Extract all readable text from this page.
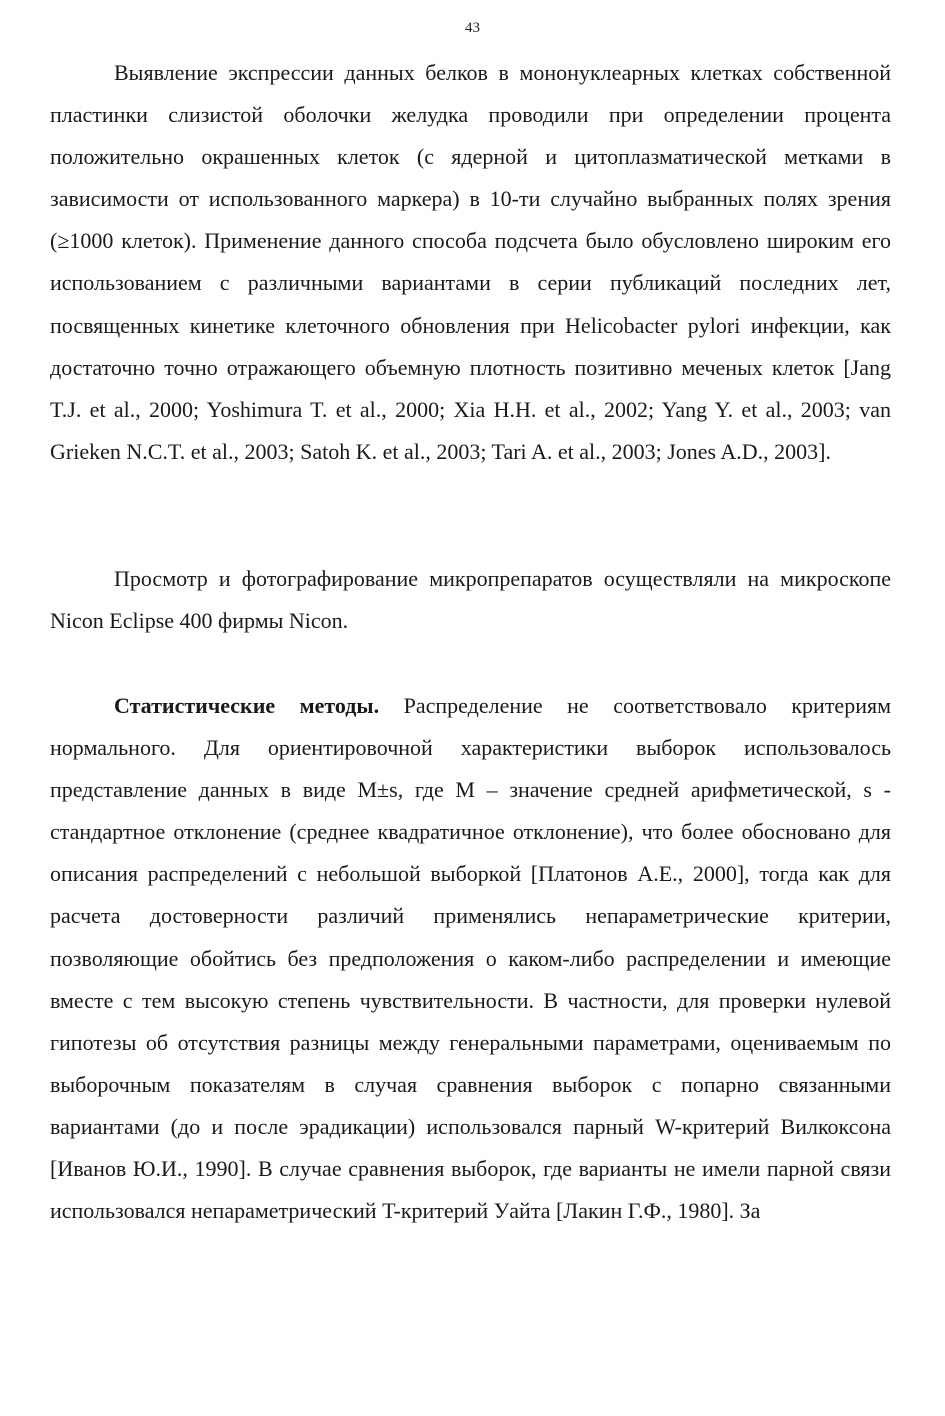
43

Выявление экспрессии данных белков в мононуклеарных клетках собственной пластинки слизистой оболочки желудка проводили при определении процента положительно окрашенных клеток (с ядерной и цитоплазматической метками в зависимости от использованного маркера) в 10-ти случайно выбранных полях зрения (≥1000 клеток). Применение данного способа подсчета было обусловлено широким его использованием с различными вариантами в серии публикаций последних лет, посвященных кинетике клеточного обновления при Helicobacter pylori инфекции, как достаточно точно отражающего объемную плотность позитивно меченых клеток [Jang T.J. et al., 2000; Yoshimura T. et al., 2000; Xia H.H. et al., 2002; Yang Y. et al., 2003; van Grieken N.C.T. et al., 2003; Satoh K. et al., 2003; Tari A. et al., 2003; Jones A.D., 2003].

Просмотр и фотографирование микропрепаратов осуществляли на микроскопе Nicon Eclipse 400 фирмы Nicon.

Статистические методы. Распределение не соответствовало критериям нормального. Для ориентировочной характеристики выборок использовалось представление данных в виде M±s, где M – значение средней арифметической, s - стандартное отклонение (среднее квадратичное отклонение), что более обосновано для описания распределений с небольшой выборкой [Платонов А.Е., 2000], тогда как для расчета достоверности различий применялись непараметрические критерии, позволяющие обойтись без предположения о каком-либо распределении и имеющие вместе с тем высокую степень чувствительности. В частности, для проверки нулевой гипотезы об отсутствия разницы между генеральными параметрами, оцениваемым по выборочным показателям в случая сравнения выборок с попарно связанными вариантами (до и после эрадикации) использовался парный W-критерий Вилкоксона [Иванов Ю.И., 1990]. В случае сравнения выборок, где варианты не имели парной связи использовался непараметрический T-критерий Уайта [Лакин Г.Ф., 1980]. За
